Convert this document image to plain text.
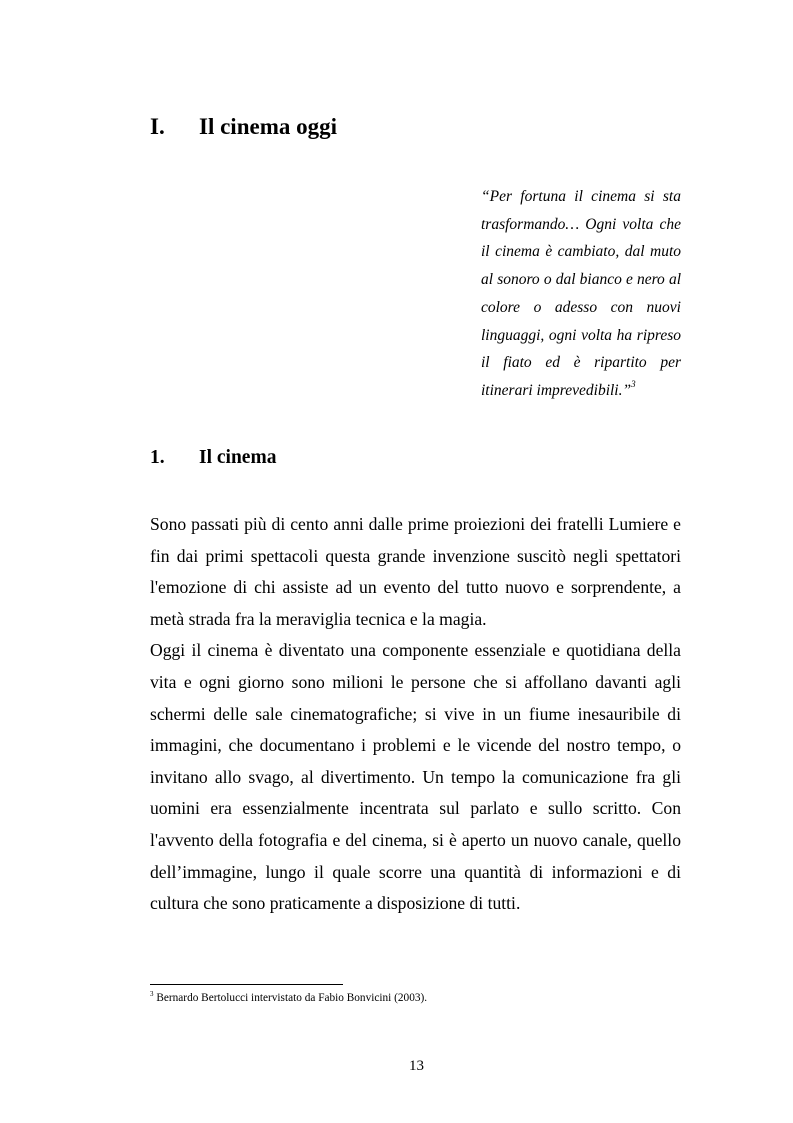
I. Il cinema oggi

“Per fortuna il cinema si sta trasformando… Ogni volta che il cinema è cambiato, dal muto al sonoro o dal bianco e nero al colore o adesso con nuovi linguaggi, ogni volta ha ripreso il fiato ed è ripartito per itinerari imprevedibili.”$^3$

1. Il cinema

Sono passati più di cento anni dalle prime proiezioni dei fratelli Lumiere e fin dai primi spettacoli questa grande invenzione suscitò negli spettatori l'emozione di chi assiste ad un evento del tutto nuovo e sorprendente, a metà strada fra la meraviglia tecnica e la magia.

Oggi il cinema è diventato una componente essenziale e quotidiana della vita e ogni giorno sono milioni le persone che si affollano davanti agli schermi delle sale cinematografiche; si vive in un fiume inesauribile di immagini, che documentano i problemi e le vicende del nostro tempo, o invitano allo svago, al divertimento. Un tempo la comunicazione fra gli uomini era essenzialmente incentrata sul parlato e sullo scritto. Con l'avvento della fotografia e del cinema, si è aperto un nuovo canale, quello dell’immagine, lungo il quale scorre una quantità di informazioni e di cultura che sono praticamente a disposizione di tutti.

$^3$ Bernardo Bertolucci intervistato da Fabio Bonvicini (2003).

13
